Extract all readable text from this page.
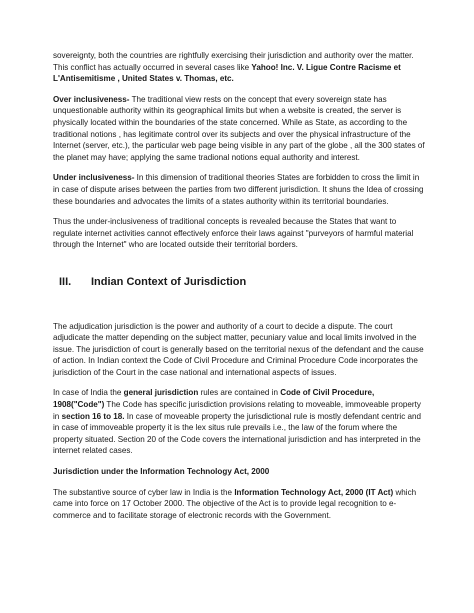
sovereignty, both the countries are rightfully exercising their jurisdiction and authority over the matter. This conflict has actually occurred in several cases like Yahoo! Inc. V. Ligue Contre Racisme et L'Antisemitisme , United States v. Thomas, etc.

Over inclusiveness- The traditional view rests on the concept that every sovereign state has unquestionable authority within its geographical limits but when a website is created, the server is physically located within the boundaries of the state concerned. While as State, as according to the traditional notions , has legitimate control over its subjects and over the physical infrastructure of the Internet (server, etc.), the particular web page being visible in any part of the globe , all the 300 states of the planet may have; applying the same tradional notions equal authority and interest.

Under inclusiveness- In this dimension of traditional theories States are forbidden to cross the limit in in case of dispute arises between the parties from two different jurisdiction. It shuns the Idea of crossing these boundaries and advocates the limits of a states authority within its territorial boundaries.

Thus the under-inclusiveness of traditional concepts is revealed because the States that want to regulate internet activities cannot effectively enforce their laws against "purveyors of harmful material through the Internet" who are located outside their territorial borders.

III.	Indian Context of Jurisdiction

The adjudication jurisdiction is the power and authority of a court to decide a dispute. The court adjudicate the matter depending on the subject matter, pecuniary value and local limits involved in the issue. The jurisdiction of court is generally based on the territorial nexus of the defendant and the cause of action. In Indian context the Code of Civil Procedure and Criminal Procedure Code incorporates the jurisdiction of the Court in the case national and international aspects of issues.

In case of India the general jurisdiction rules are contained in Code of Civil Procedure, 1908("Code") The Code has specific jurisdiction provisions relating to moveable, immoveable property in section 16 to 18. In case of moveable property the jurisdictional rule is mostly defendant centric and in case of immoveable property it is the lex situs rule prevails i.e., the law of the forum where the property situated. Section 20 of the Code covers the international jurisdiction and has interpreted in the internet related cases.

Jurisdiction under the Information Technology Act, 2000

The substantive source of cyber law in India is the Information Technology Act, 2000 (IT Act) which came into force on 17 October 2000. The objective of the Act is to provide legal recognition to e- commerce and to facilitate storage of electronic records with the Government.
